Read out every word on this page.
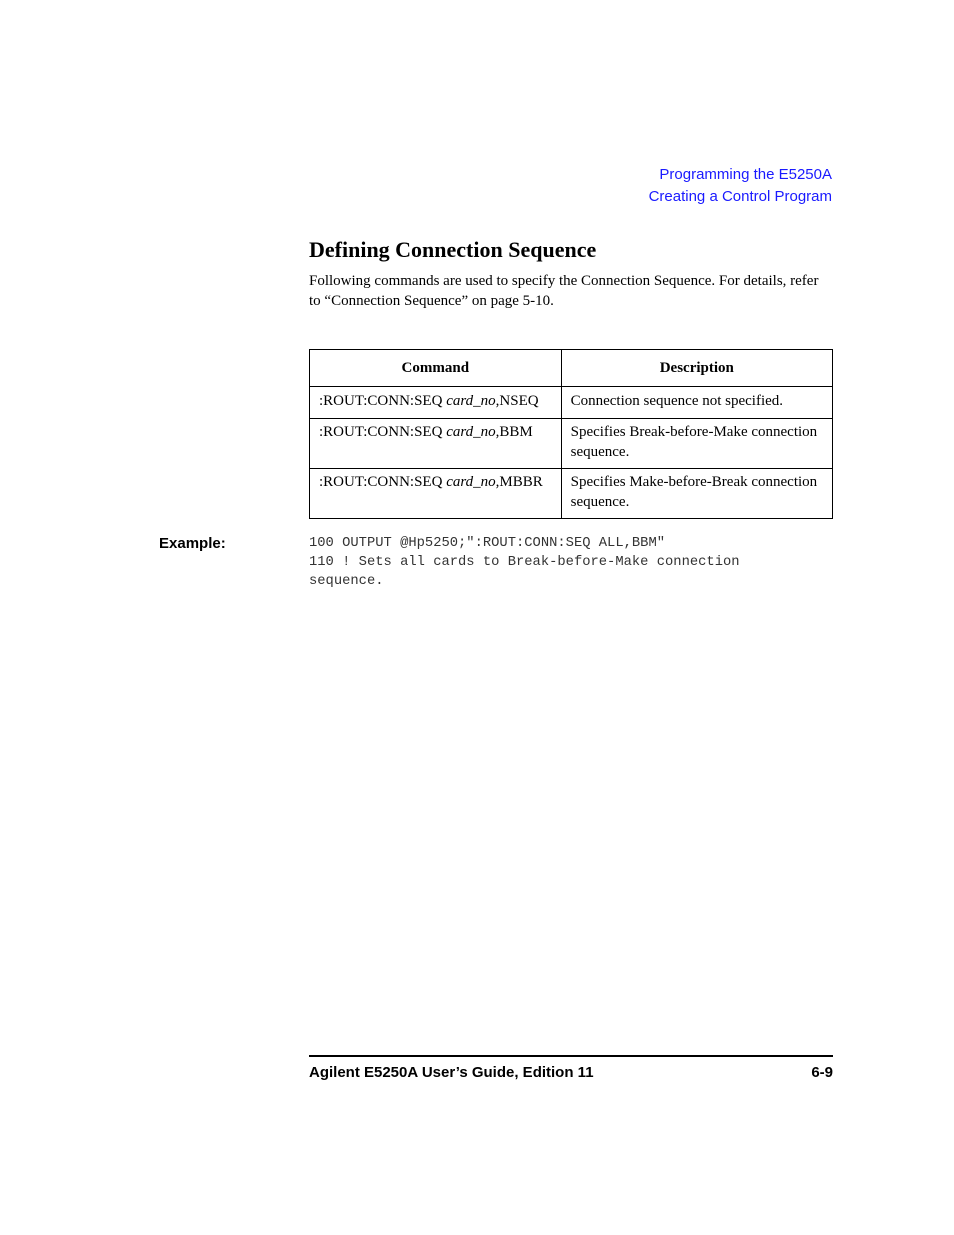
Programming the E5250A
Creating a Control Program
Defining Connection Sequence

Following commands are used to specify the Connection Sequence. For details, refer to “Connection Sequence” on page 5-10.

Command	Description
:ROUT:CONN:SEQ card_no,NSEQ	Connection sequence not specified.
:ROUT:CONN:SEQ card_no,BBM	Specifies Break-before-Make connection sequence.
:ROUT:CONN:SEQ card_no,MBBR	Specifies Make-before-Break connection sequence.
Example:	100 OUTPUT @Hp5250;":ROUT:CONN:SEQ ALL,BBM"
110 ! Sets all cards to Break-before-Make connection
sequence.
Agilent E5250A User’s Guide, Edition 11	6-9
